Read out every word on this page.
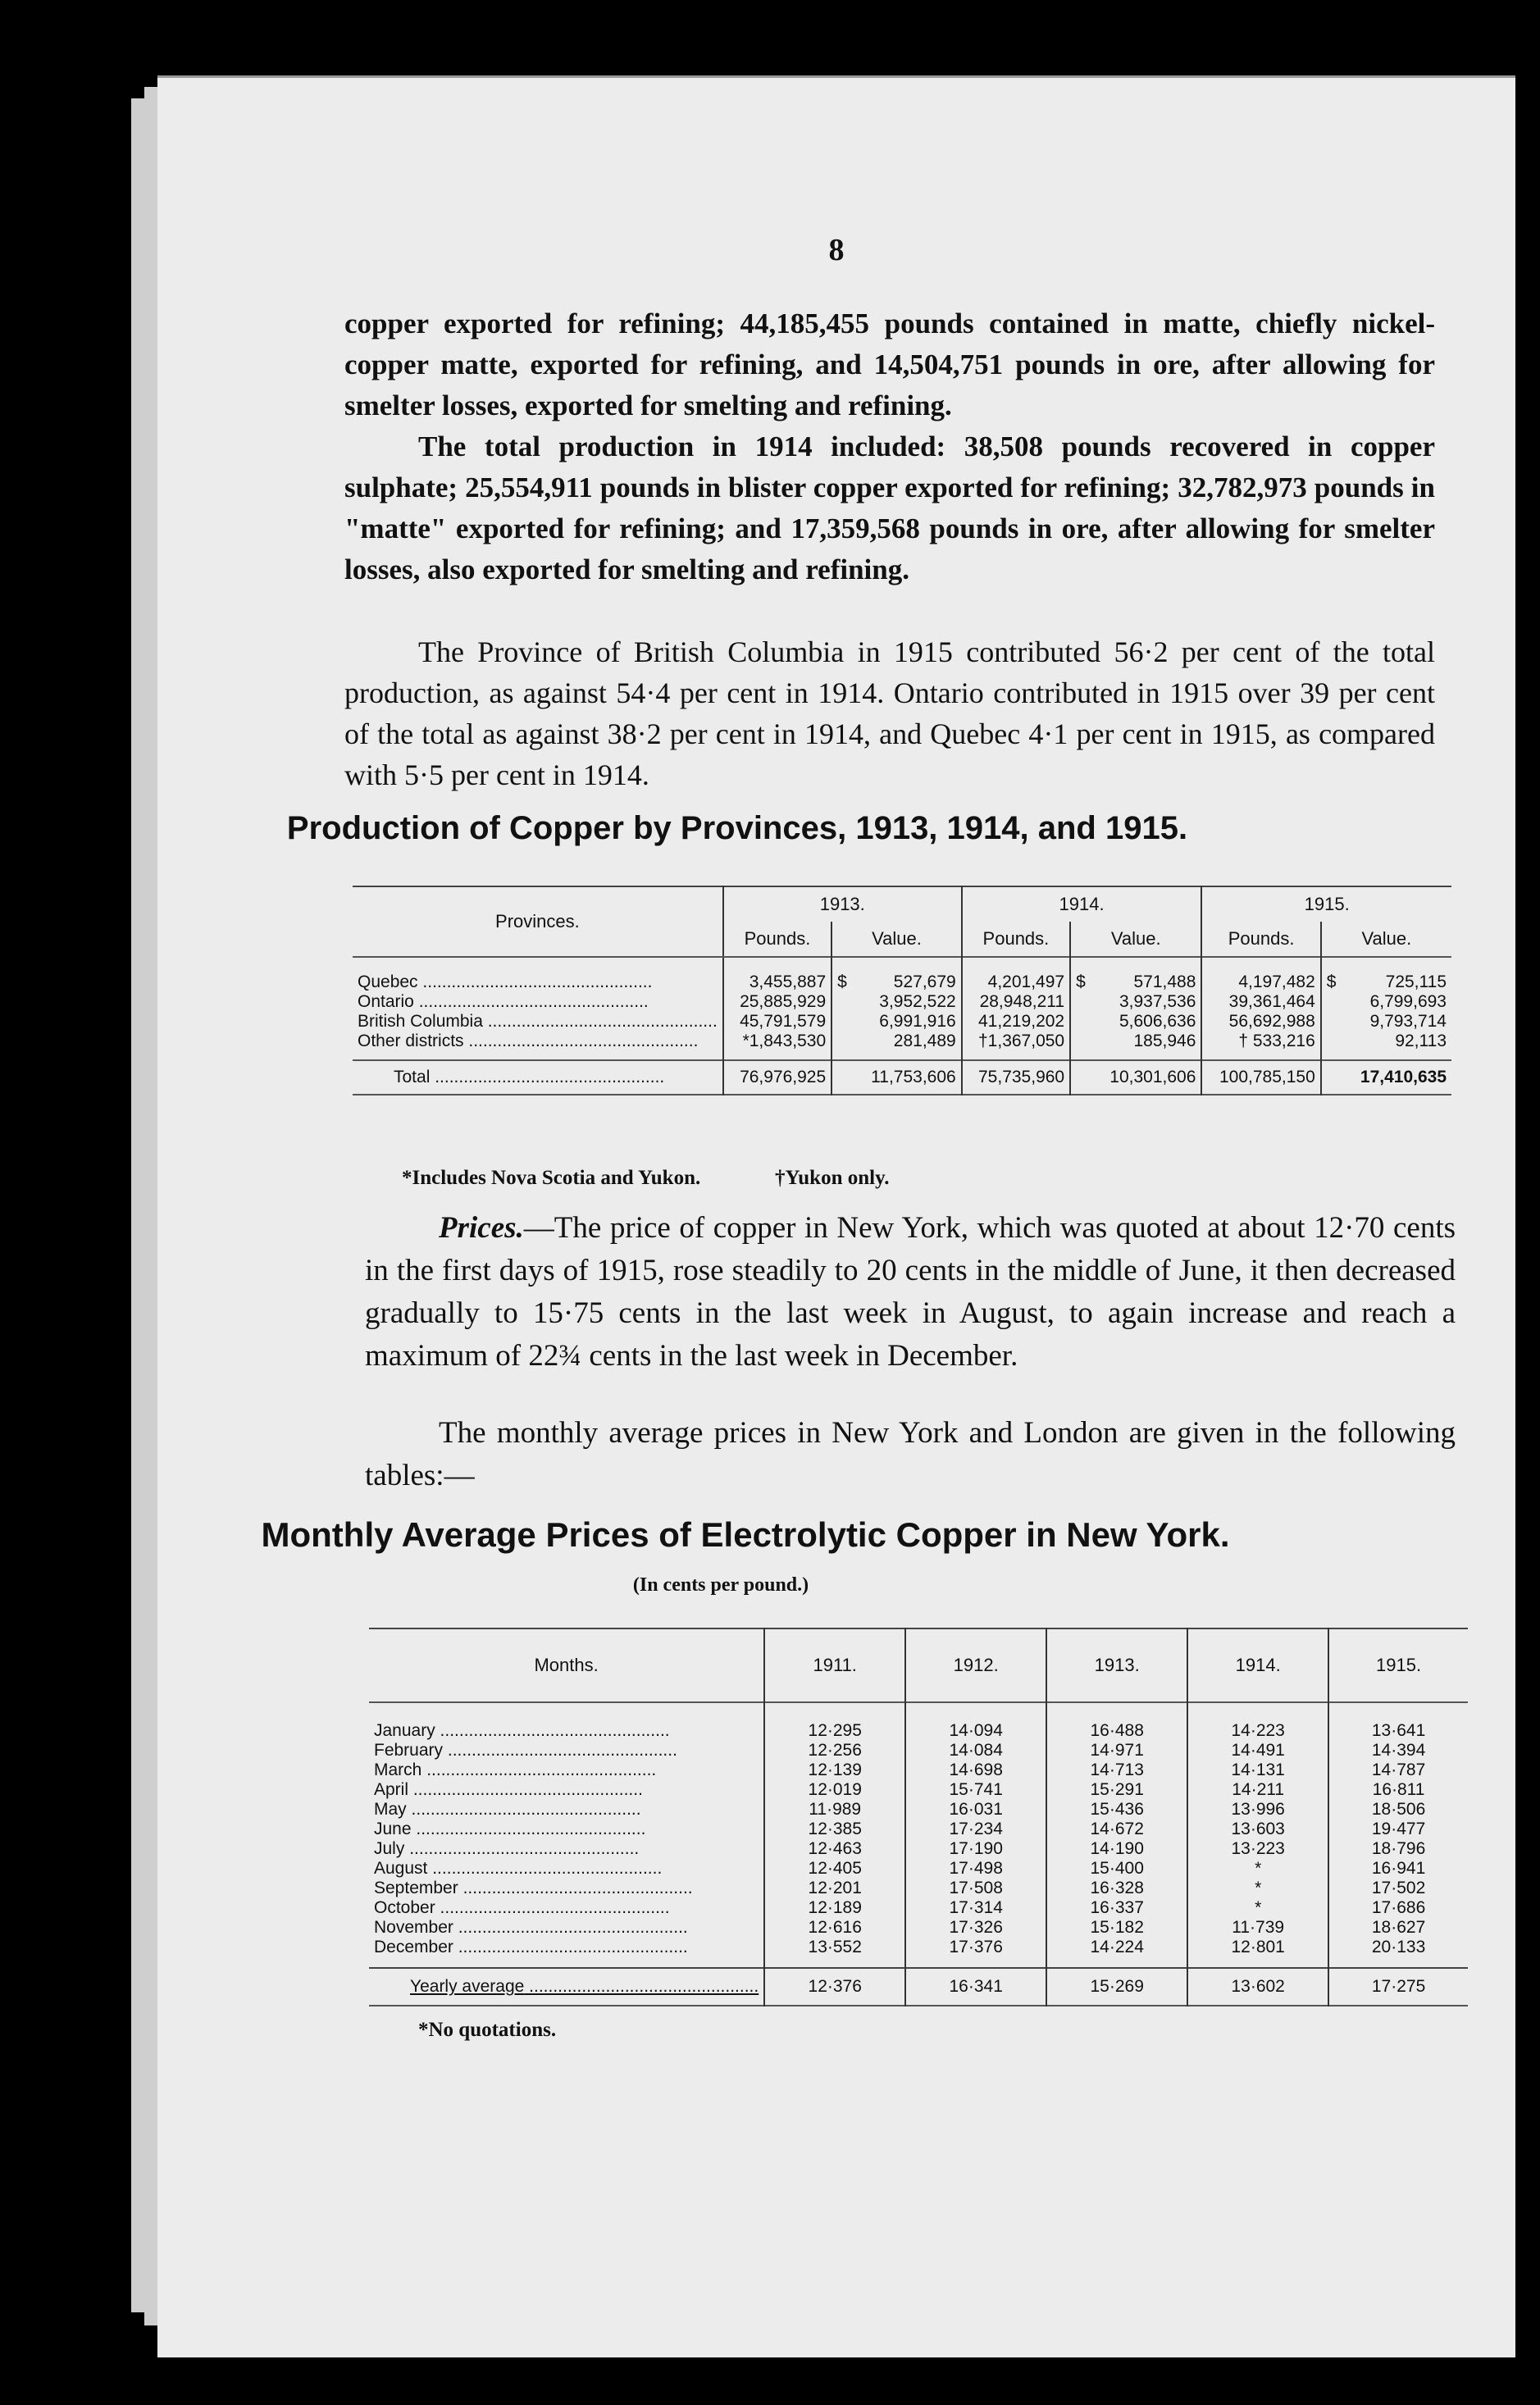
8
copper exported for refining; 44,185,455 pounds contained in matte, chiefly nickel-copper matte, exported for refining, and 14,504,751 pounds in ore, after allowing for smelter losses, exported for smelting and refining.
The total production in 1914 included: 38,508 pounds recovered in copper sulphate; 25,554,911 pounds in blister copper exported for refining; 32,782,973 pounds in "matte" exported for refining; and 17,359,568 pounds in ore, after allowing for smelter losses, also exported for smelting and refining.
The Province of British Columbia in 1915 contributed 56·2 per cent of the total production, as against 54·4 per cent in 1914. Ontario contributed in 1915 over 39 per cent of the total as against 38·2 per cent in 1914, and Quebec 4·1 per cent in 1915, as compared with 5·5 per cent in 1914.
Production of Copper by Provinces, 1913, 1914, and 1915.
Provinces.	1913.			1914.			1915.		
	Pounds.	Value.		Pounds.	Value.		Pounds.	Value.	
Quebec .....	3,455,887	$	527,679	4,201,497	$	571,488	4,197,482	$	725,115
Ontario .....	25,885,929		3,952,522	28,948,211		3,937,536	39,361,464		6,799,693
British Columbia .....	45,791,579		6,991,916	41,219,202		5,606,636	56,692,988		9,793,714
Other districts .....	*1,843,530		281,489	†1,367,050		185,946	† 533,216		92,113
Total .....	76,976,925		11,753,606	75,735,960		10,301,606	100,785,150		17,410,635
*Includes Nova Scotia and Yukon.	†Yukon only.
Prices.—The price of copper in New York, which was quoted at about 12·70 cents in the first days of 1915, rose steadily to 20 cents in the middle of June, it then decreased gradually to 15·75 cents in the last week in August, to again increase and reach a maximum of 22¾ cents in the last week in December.
The monthly average prices in New York and London are given in the following tables:—
Monthly Average Prices of Electrolytic Copper in New York.
(In cents per pound.)
Months.	1911.	1912.	1913.	1914.	1915.
January .....	12·295	14·094	16·488	14·223	13·641
February .....	12·256	14·084	14·971	14·491	14·394
March .....	12·139	14·698	14·713	14·131	14·787
April .....	12·019	15·741	15·291	14·211	16·811
May .....	11·989	16·031	15·436	13·996	18·506
June .....	12·385	17·234	14·672	13·603	19·477
July .....	12·463	17·190	14·190	13·223	18·796
August .....	12·405	17·498	15·400	*	16·941
September .....	12·201	17·508	16·328	*	17·502
October .....	12·189	17·314	16·337	*	17·686
November .....	12·616	17·326	15·182	11·739	18·627
December .....	13·552	17·376	14·224	12·801	20·133
Yearly average .....	12·376	16·341	15·269	13·602	17·275
*No quotations.
